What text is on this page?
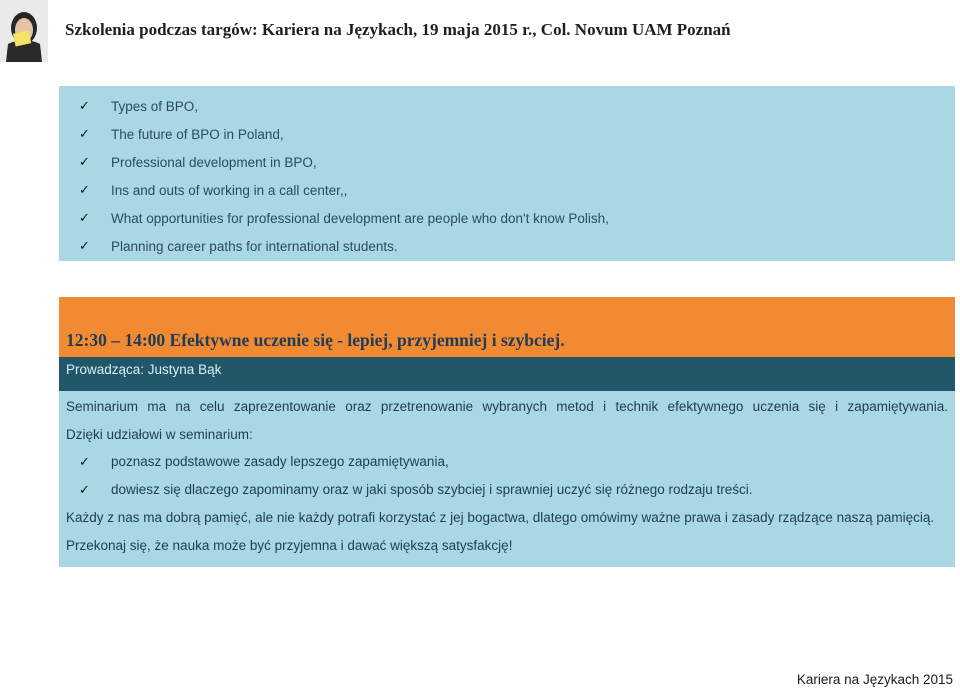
Szkolenia podczas targów: Kariera na Językach, 19 maja 2015 r., Col. Novum UAM Poznań
✓	Types of BPO,
✓	The future of BPO in Poland,
✓	Professional development in BPO,
✓	Ins and outs of working in a call center,,
✓	What opportunities for professional development are people who don't know Polish,
✓	Planning career paths for international students.
12:30 – 14:00 Efektywne uczenie się - lepiej, przyjemniej i szybciej.
Prowadząca: Justyna Bąk
Seminarium ma na celu zaprezentowanie oraz przetrenowanie wybranych metod i technik efektywnego uczenia się i zapamiętywania.
Dzięki udziałowi w seminarium:
✓ poznasz podstawowe zasady lepszego zapamiętywania,
✓ dowiesz się dlaczego zapominamy oraz w jaki sposób szybciej i sprawniej uczyć się różnego rodzaju treści.
Każdy z nas ma dobrą pamięć, ale nie każdy potrafi korzystać z jej bogactwa, dlatego omówimy ważne prawa i zasady rządzące naszą pamięcią.
Przekonaj się, że nauka może być przyjemna i dawać większą satysfakcję!
Kariera na Językach 2015
